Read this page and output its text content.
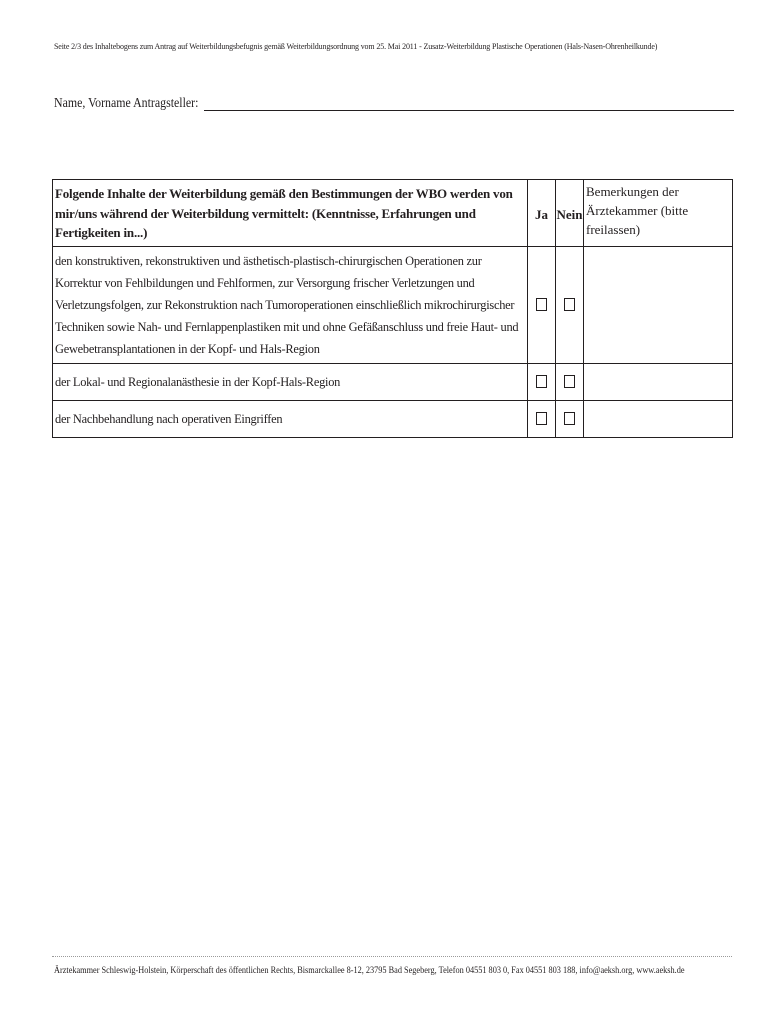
Seite 2/3 des Inhaltebogens zum Antrag auf Weiterbildungsbefugnis gemäß Weiterbildungsordnung vom 25. Mai 2011 - Zusatz-Weiterbildung Plastische Operationen (Hals-Nasen-Ohrenheilkunde)
Name, Vorname Antragsteller:
Folgende Inhalte der Weiterbildung gemäß den Bestimmungen der WBO werden von mir/uns während der Weiterbildung vermittelt: (Kenntnisse, Erfahrungen und Fertigkeiten in...)	Ja	Nein	Bemerkungen der Ärztekammer (bitte freilassen)
den konstruktiven, rekonstruktiven und ästhetisch-plastisch-chirurgischen Operationen zur Korrektur von Fehlbildungen und Fehlformen, zur Versorgung frischer Verletzungen und Verletzungsfolgen, zur Rekonstruktion nach Tumoroperationen einschließlich mikrochirurgischer Techniken sowie Nah- und Fernlappenplastiken mit und ohne Gefäßanschluss und freie Haut- und Gewebetransplantationen in der Kopf- und Hals-Region			
der Lokal- und Regionalanästhesie in der Kopf-Hals-Region			
der Nachbehandlung nach operativen Eingriffen			
Ärztekammer Schleswig-Holstein, Körperschaft des öffentlichen Rechts, Bismarckallee 8-12, 23795 Bad Segeberg, Telefon 04551 803 0, Fax 04551 803 188, info@aeksh.org, www.aeksh.de
